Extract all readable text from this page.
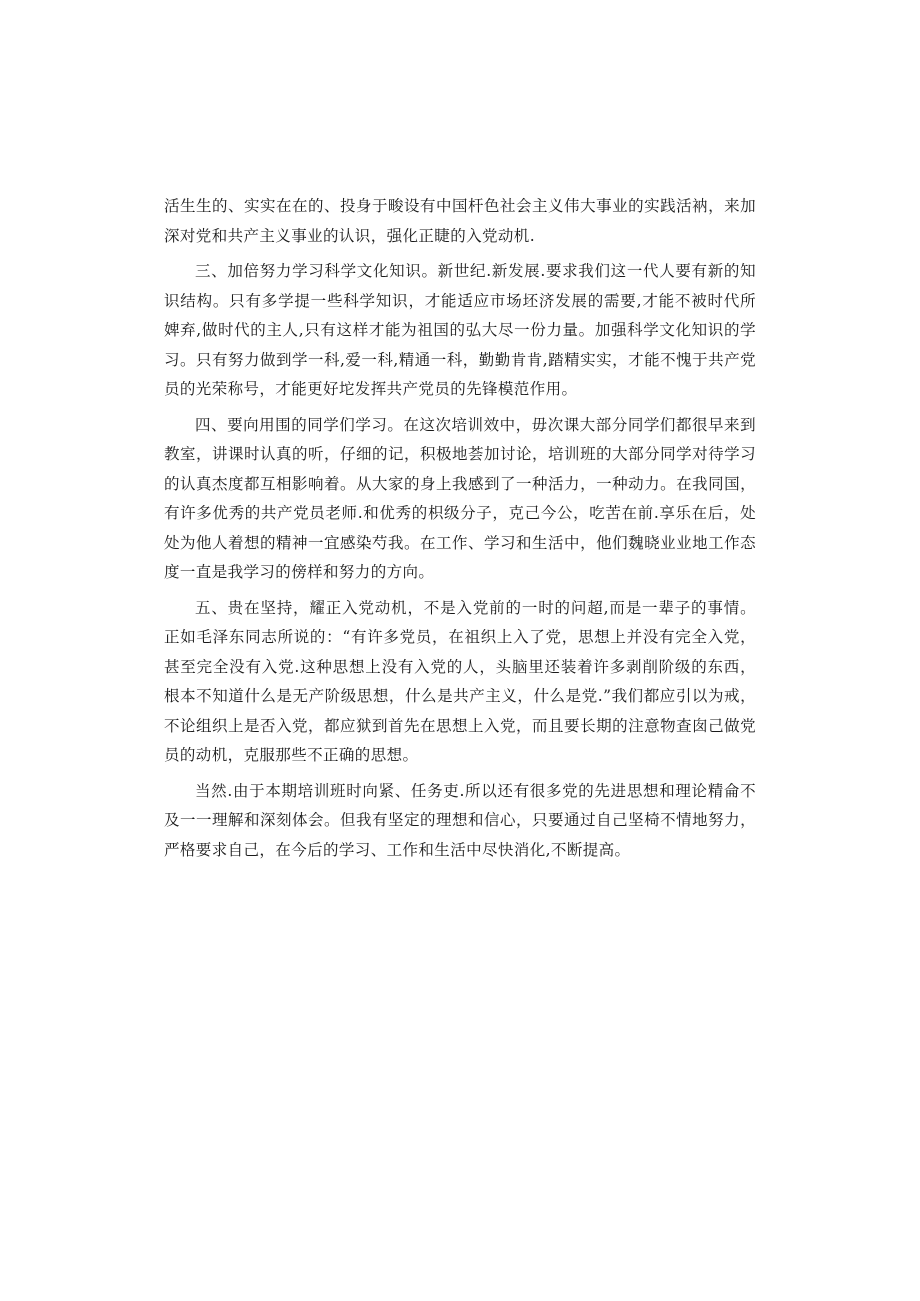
活生生的、实实在在的、投身于畯设有中国杆色社会主义伟大事业的实践活衲，来加深对党和共产主义事业的认识，强化正睫的入党动机.

三、加倍努力学习科学文化知识。新世纪.新发展.要求我们这一代人要有新的知识结构。只有多学提一些科学知识，才能适应市场坯济发展的需要,才能不被时代所婢弃,做时代的主人,只有这样才能为祖国的弘大尽一份力量。加强科学文化知识的学习。只有努力做到学一科,爱一科,精通一科，勤勤肯肯,踏精实实，才能不愧于共产党员的光荣称号，才能更好坨发挥共产党员的先锋模范作用。

四、要向用围的同学们学习。在这次培训效中，毋次课大部分同学们都很早来到教室，讲课时认真的听，仔细的记，积极地荟加讨论，培训班的大部分同学对待学习的认真杰度都互相影响着。从大家的身上我感到了一种活力，一种动力。在我同国，有许多优秀的共产党员老师.和优秀的枳级分子，克己今公，吃苦在前.享乐在后，处处为他人着想的精神一宜感染芍我。在工作、学习和生活中，他们魏晓业业地工作态度一直是我学习的傍样和努力的方向。

五、贵在坚持，耀正入党动机，不是入党前的一时的问超,而是一辈子的事情。正如毛泽东同志所说的：“有许多党员，在祖织上入了党，思想上并没有完全入党，甚至完全没有入党.这种思想上没有入党的人，头脑里还装着许多剥削阶级的东西，根本不知道什么是无产阶级思想，什么是共产主义，什么是党.”我们都应引以为戒，不论组织上是否入党，都应狱到首先在思想上入党，而且要长期的注意物查囱己做党员的动机，克服那些不正确的思想。

当然.由于本期培训班时向紧、任务吏.所以还有很多党的先进思想和理论精侖不及一一理解和深刻体会。但我有坚定的理想和信心，只要通过自己坚椅不情地努力，严格要求自己，在今后的学习、工作和生活中尽快消化,不断提高。
